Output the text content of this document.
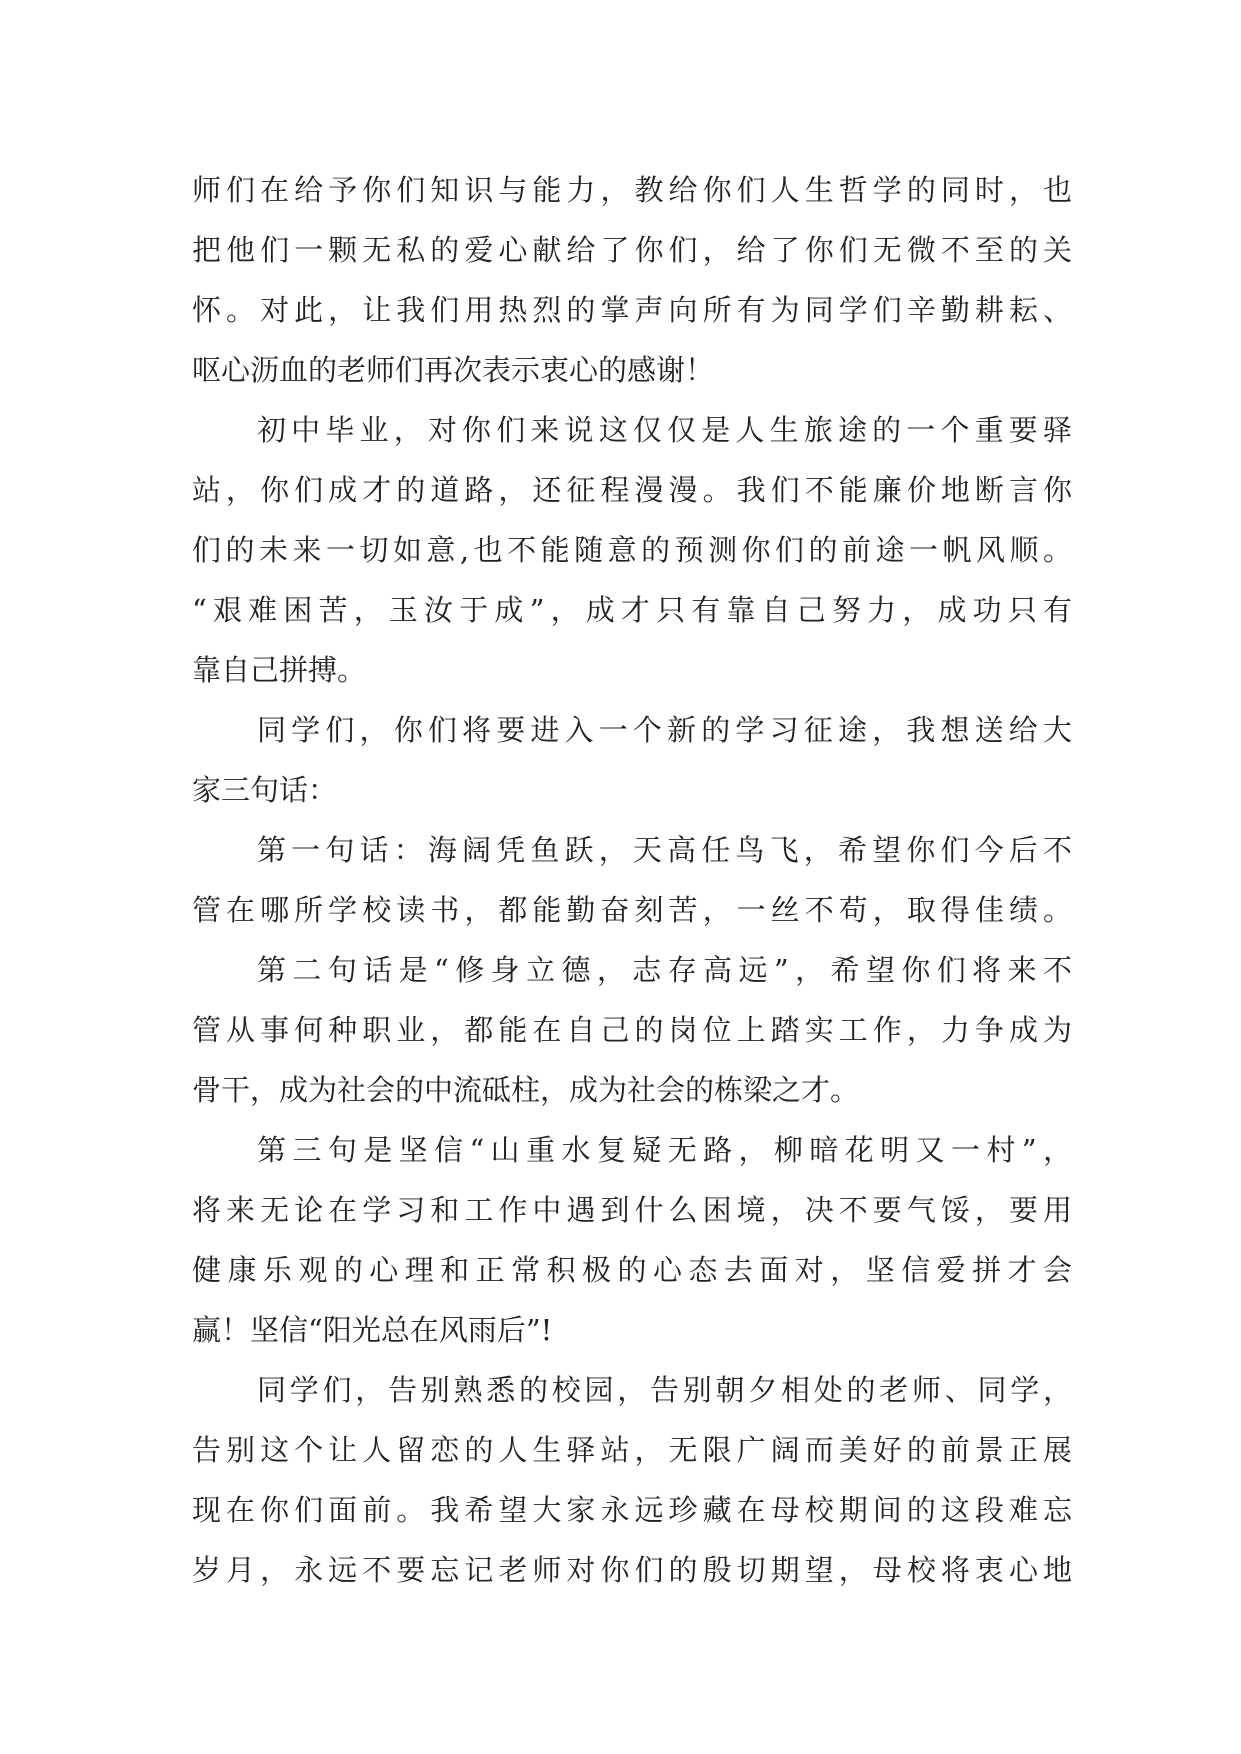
师们在给予你们知识与能力，教给你们人生哲学的同时，也
把他们一颗无私的爱心献给了你们，给了你们无微不至的关
怀。对此，让我们用热烈的掌声向所有为同学们辛勤耕耘、
呕心沥血的老师们再次表示衷心的感谢！
初中毕业，对你们来说这仅仅是人生旅途的一个重要驿
站，你们成才的道路，还征程漫漫。我们不能廉价地断言你
们的未来一切如意,也不能随意的预测你们的前途一帆风顺。
“艰难困苦，玉汝于成”，成才只有靠自己努力，成功只有
靠自己拼搏。
同学们，你们将要进入一个新的学习征途，我想送给大
家三句话：
第一句话：海阔凭鱼跃，天高任鸟飞，希望你们今后不
管在哪所学校读书，都能勤奋刻苦，一丝不苟，取得佳绩。
第二句话是“修身立德，志存高远”，希望你们将来不
管从事何种职业，都能在自己的岗位上踏实工作，力争成为
骨干，成为社会的中流砥柱，成为社会的栋梁之才。
第三句是坚信“山重水复疑无路，柳暗花明又一村”，
将来无论在学习和工作中遇到什么困境，决不要气馁，要用
健康乐观的心理和正常积极的心态去面对，坚信爱拼才会
赢！坚信“阳光总在风雨后”!
同学们，告别熟悉的校园，告别朝夕相处的老师、同学，
告别这个让人留恋的人生驿站，无限广阔而美好的前景正展
现在你们面前。我希望大家永远珍藏在母校期间的这段难忘
岁月，永远不要忘记老师对你们的殷切期望，母校将衷心地
